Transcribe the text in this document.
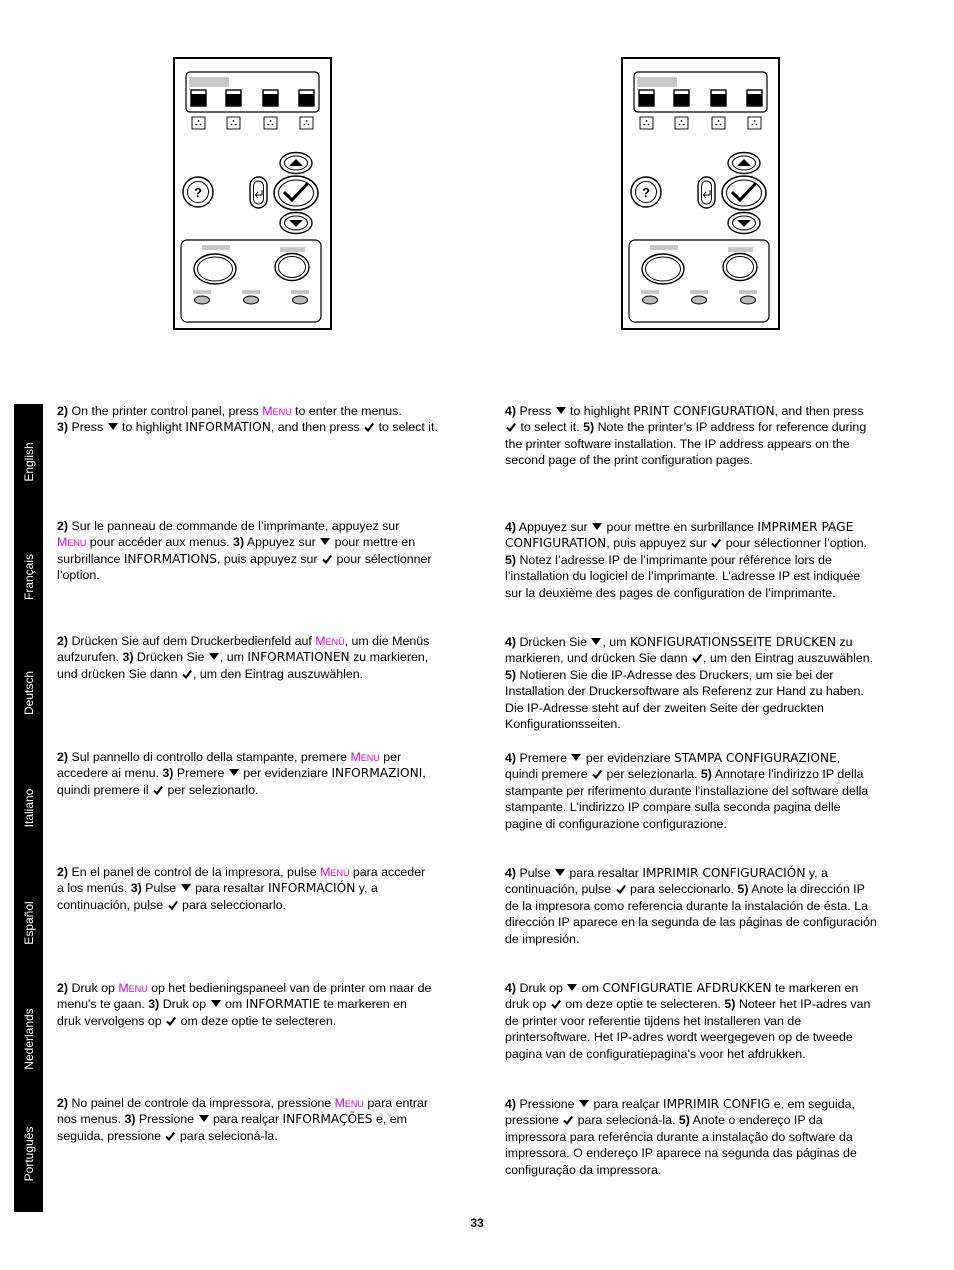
?	?
English
Français
Deutsch
Italiano
Español
Nederlands
Português
2) On the printer control panel, press Menu to enter the menus.
3) Press  to highlight INFORMATION, and then press  to select it.
4) Press  to highlight PRINT CONFIGURATION, and then press
to select it. 5) Note the printer’s IP address for reference during
the printer software installation. The IP address appears on the
second page of the print configuration pages.
2) Sur le panneau de commande de l’imprimante, appuyez sur
Menu pour accéder aux menus. 3) Appuyez sur  pour mettre en
surbrillance INFORMATIONS, puis appuyez sur  pour sélectionner
l’option.
4) Appuyez sur  pour mettre en surbrillance IMPRIMER PAGE
CONFIGURATION, puis appuyez sur  pour sélectionner l’option.
5) Notez l’adresse IP de l’imprimante pour référence lors de
l’installation du logiciel de l’imprimante. L’adresse IP est indiquée
sur la deuxième des pages de configuration de l’imprimante.
2) Drücken Sie auf dem Druckerbedienfeld auf Menü, um die Menüs
aufzurufen. 3) Drücken Sie , um INFORMATIONEN zu markieren,
und drücken Sie dann , um den Eintrag auszuwählen.
4) Drücken Sie , um KONFIGURATIONSSEITE DRUCKEN zu
markieren, und drücken Sie dann , um den Eintrag auszuwählen.
5) Notieren Sie die IP-Adresse des Druckers, um sie bei der
Installation der Druckersoftware als Referenz zur Hand zu haben.
Die IP-Adresse steht auf der zweiten Seite der gedruckten
Konfigurationsseiten.
2) Sul pannello di controllo della stampante, premere Menu per
accedere ai menu. 3) Premere  per evidenziare INFORMAZIONI,
quindi premere il  per selezionarlo.
4) Premere  per evidenziare STAMPA CONFIGURAZIONE,
quindi premere  per selezionarla. 5) Annotare l'indirizzo IP della
stampante per riferimento durante l'installazione del software della
stampante. L'indirizzo IP compare sulla seconda pagina delle
pagine di configurazione configurazione.
2) En el panel de control de la impresora, pulse Menú para acceder
a los menús. 3) Pulse  para resaltar INFORMACIÓN y, a
continuación, pulse  para seleccionarlo.
4) Pulse  para resaltar IMPRIMIR CONFIGURACIÓN y, a
continuación, pulse  para seleccionarlo. 5) Anote la dirección IP
de la impresora como referencia durante la instalación de ésta. La
dirección IP aparece en la segunda de las páginas de configuración
de impresión.
2) Druk op Menu op het bedieningspaneel van de printer om naar de
menu's te gaan. 3) Druk op  om INFORMATIE te markeren en
druk vervolgens op  om deze optie te selecteren.
4) Druk op  om CONFIGURATIE AFDRUKKEN te markeren en
druk op  om deze optie te selecteren. 5) Noteer het IP-adres van
de printer voor referentie tijdens het installeren van de
printersoftware. Het IP-adres wordt weergegeven op de tweede
pagina van de configuratiepagina's voor het afdrukken.
2) No painel de controle da impressora, pressione Menu para entrar
nos menus. 3) Pressione  para realçar INFORMAÇÕES e, em
seguida, pressione  para selecioná-la.
4) Pressione  para realçar IMPRIMIR CONFIG e, em seguida,
pressione  para selecioná-la. 5) Anote o endereço IP da
impressora para referência durante a instalação do software da
impressora. O endereço IP aparece na segunda das páginas de
configuração da impressora.
33
